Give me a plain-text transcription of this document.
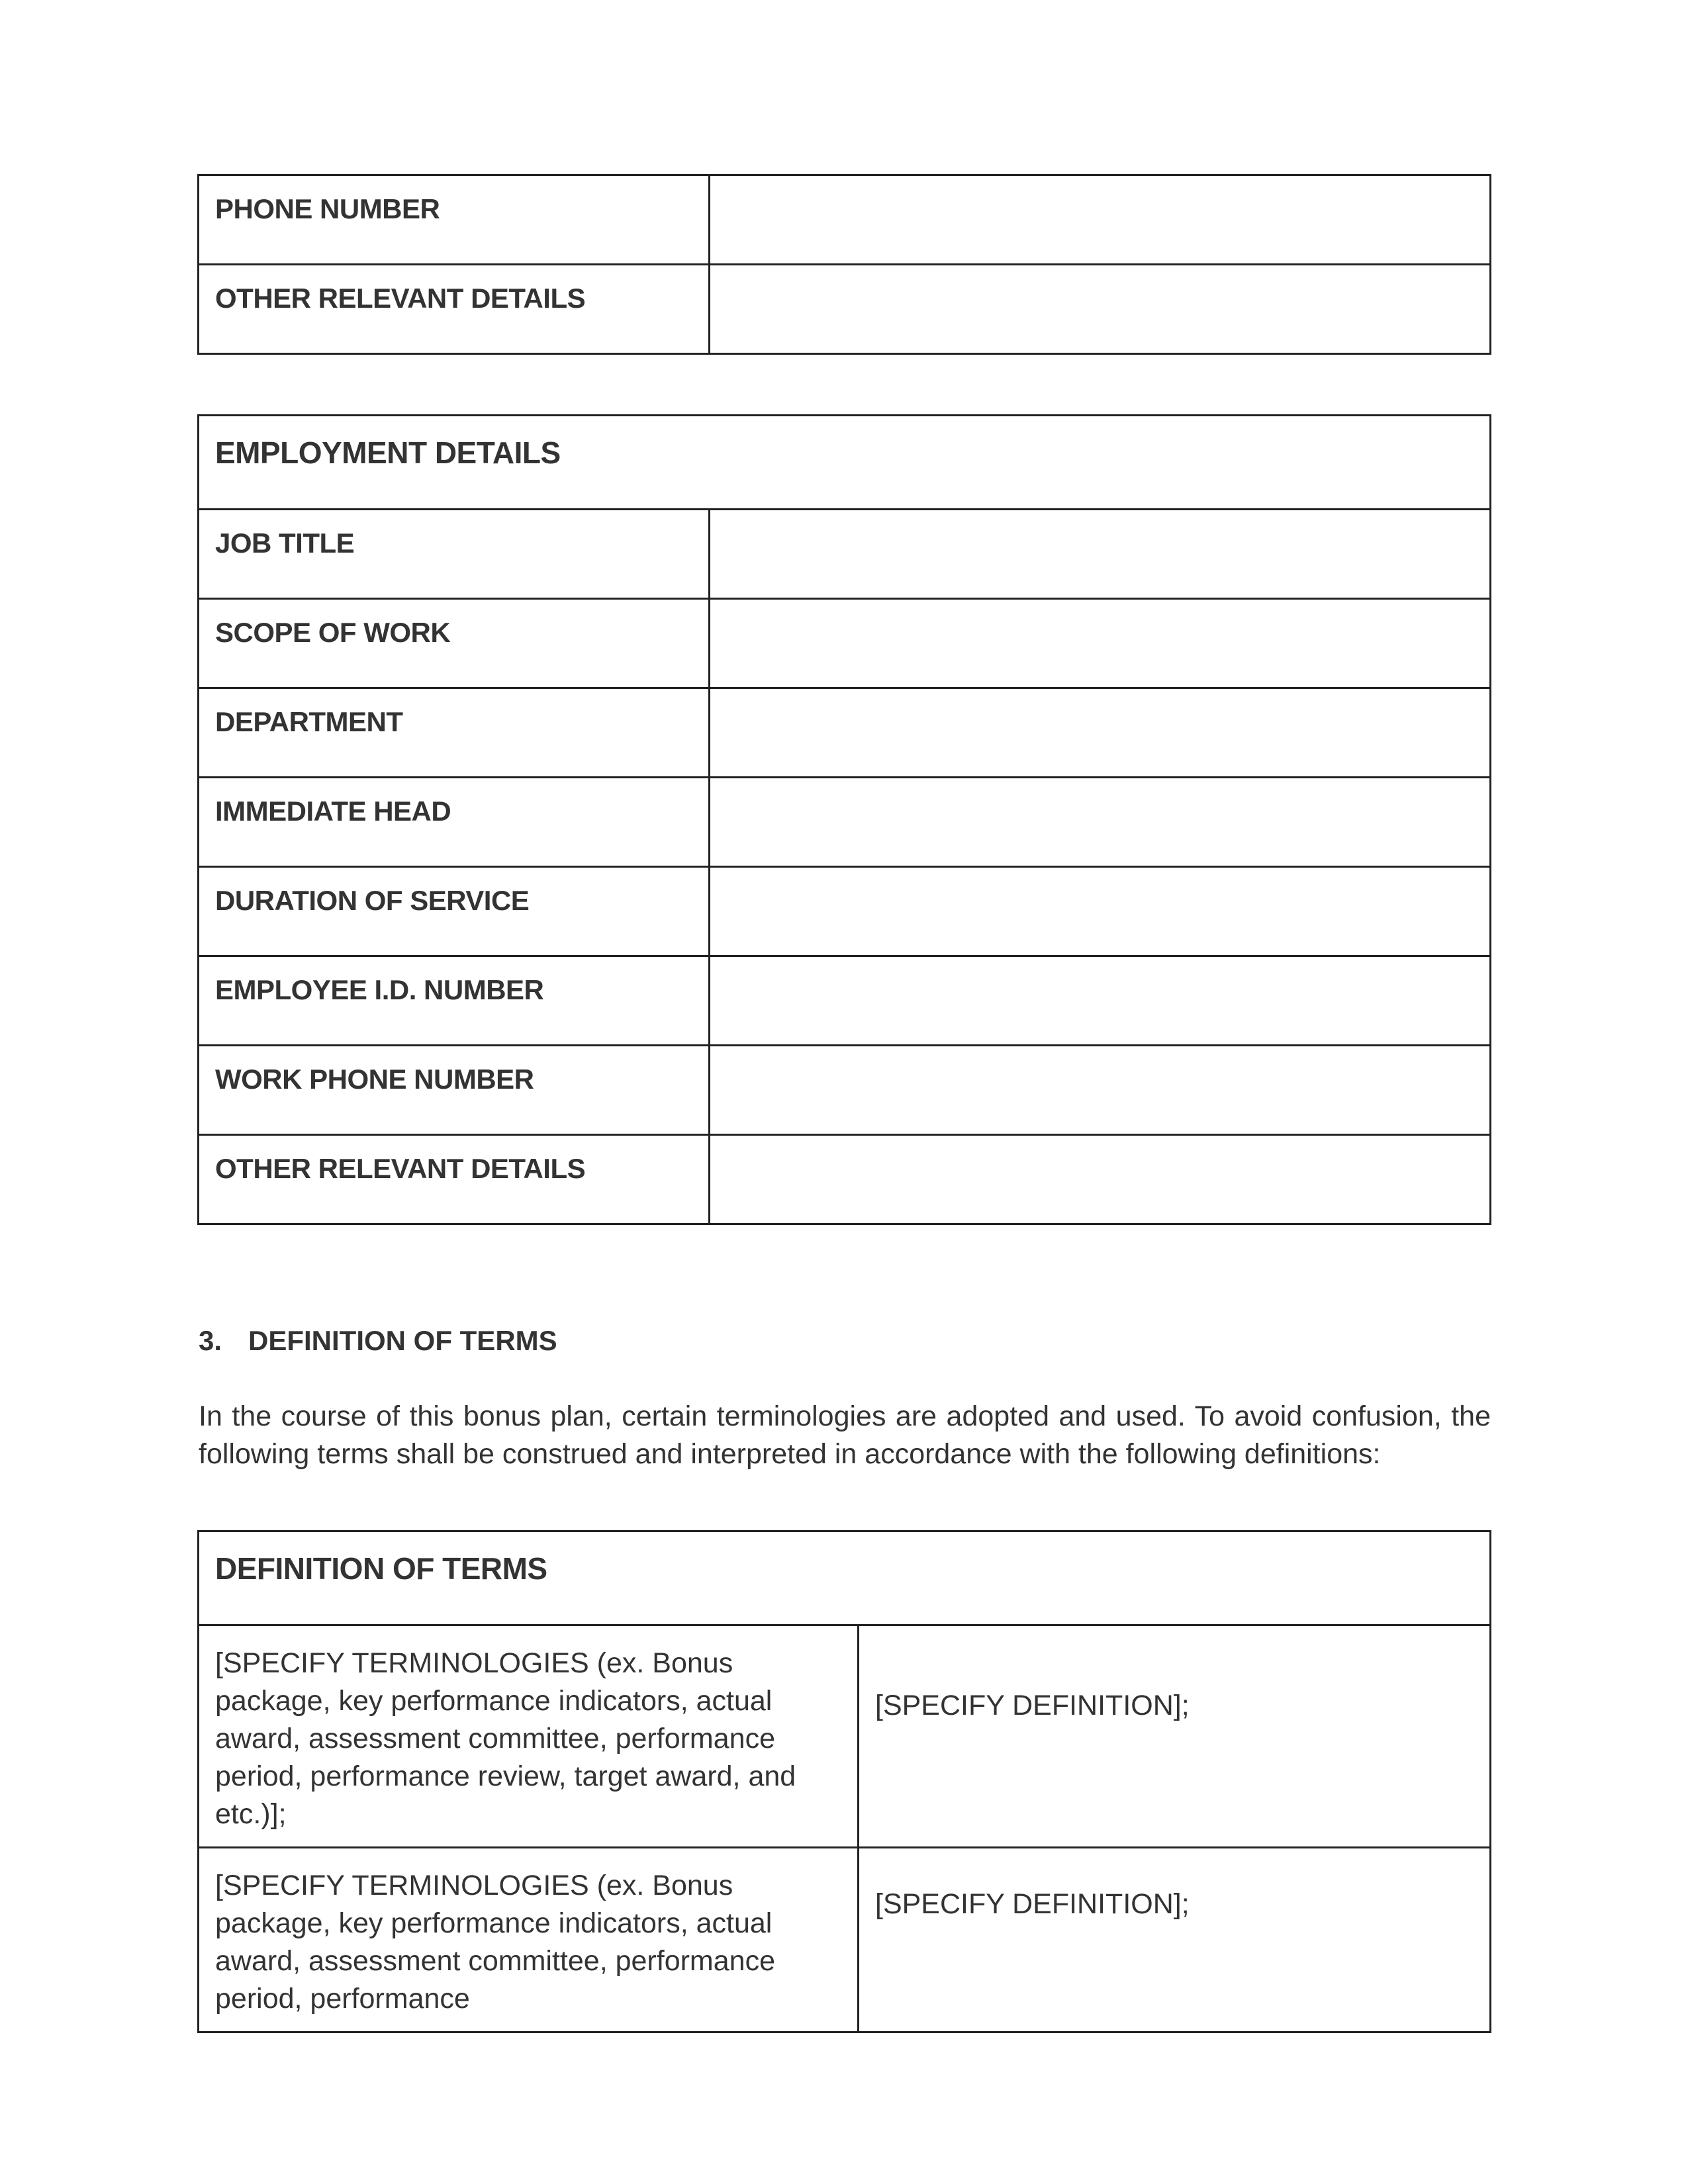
PHONE NUMBER	
OTHER RELEVANT DETAILS	
EMPLOYMENT DETAILS	
JOB TITLE	
SCOPE OF WORK	
DEPARTMENT	
IMMEDIATE HEAD	
DURATION OF SERVICE	
EMPLOYEE I.D. NUMBER	
WORK PHONE NUMBER	
OTHER RELEVANT DETAILS	
3. DEFINITION OF TERMS
In the course of this bonus plan, certain terminologies are adopted and used. To avoid confusion, the following terms shall be construed and interpreted in accordance with the following definitions:
DEFINITION OF TERMS	
[SPECIFY TERMINOLOGIES (ex. Bonus package, key performance indicators, actual award, assessment committee, performance period, performance review, target award, and etc.)];	[SPECIFY DEFINITION];
[SPECIFY TERMINOLOGIES (ex. Bonus package, key performance indicators, actual award, assessment committee, performance period, performance	[SPECIFY DEFINITION];
